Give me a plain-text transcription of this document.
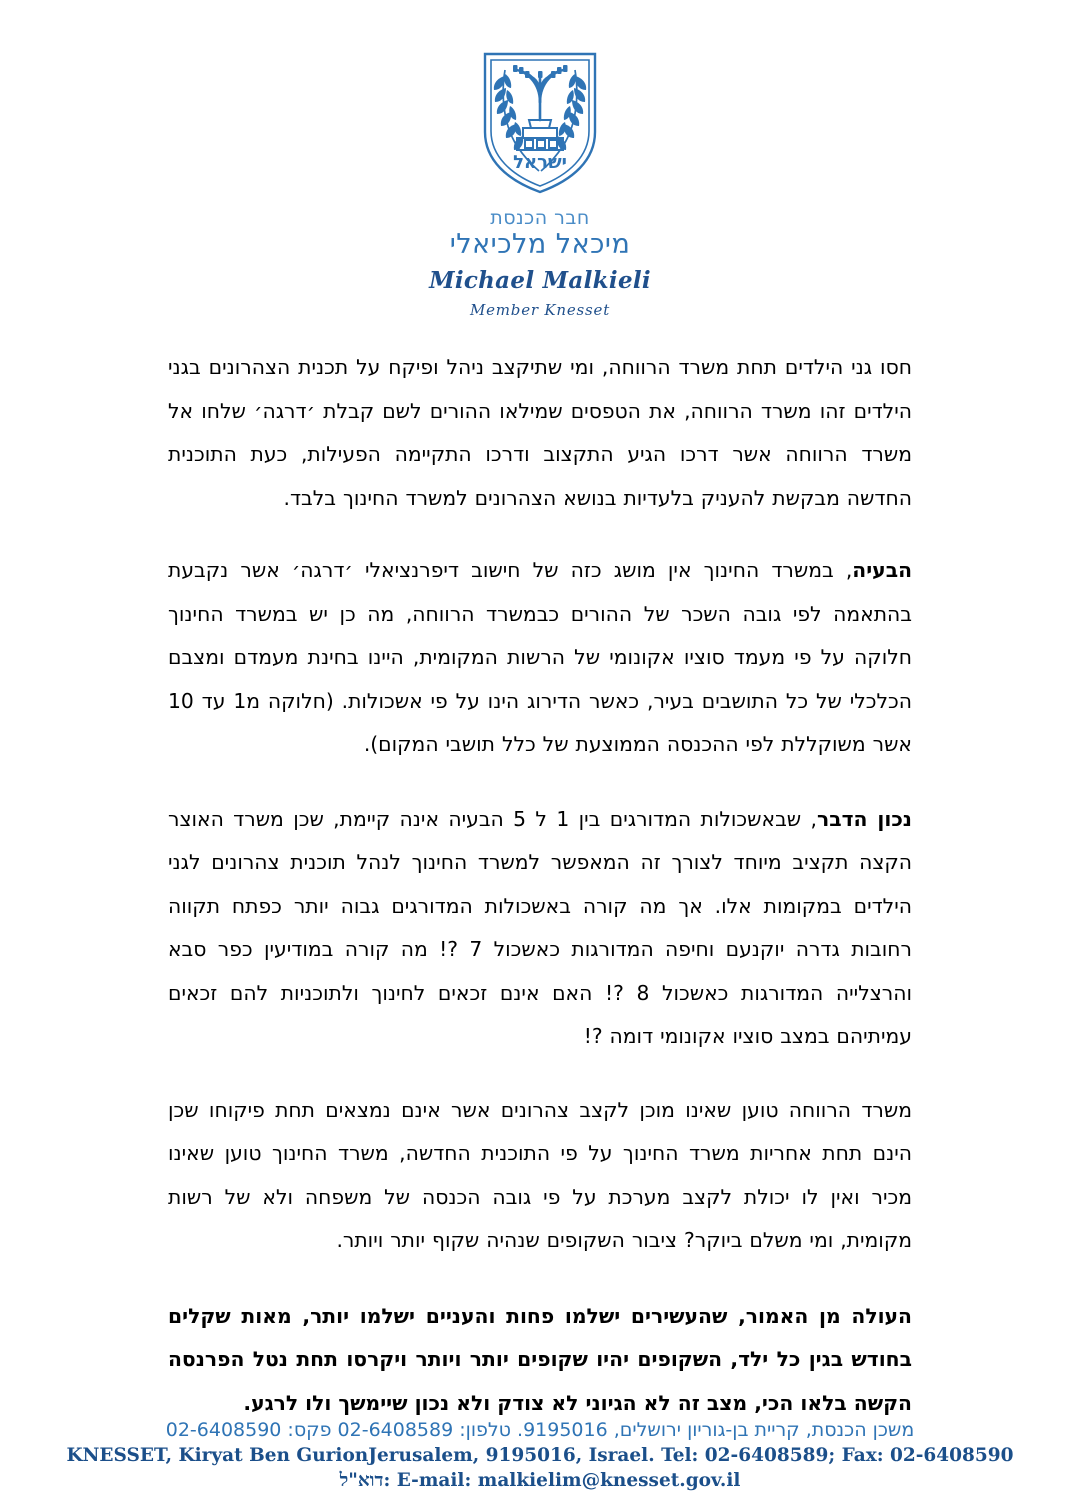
ישראל
חבר הכנסת
מיכאל מלכיאלי
Michael Malkieli
Member Knesset

חסו גני הילדים תחת משרד הרווחה, ומי שתיקצב ניהל ופיקח על תכנית הצהרונים בגני הילדים זהו משרד הרווחה, את הטפסים שמילאו ההורים לשם קבלת ׳דרגה׳ שלחו אל משרד הרווחה אשר דרכו הגיע התקצוב ודרכו התקיימה הפעילות, כעת התוכנית החדשה מבקשת להעניק בלעדיות בנושא הצהרונים למשרד החינוך בלבד.

הבעיה, במשרד החינוך אין מושג כזה של חישוב דיפרנציאלי ׳דרגה׳ אשר נקבעת בהתאמה לפי גובה השכר של ההורים כבמשרד הרווחה, מה כן יש במשרד החינוך חלוקה על פי מעמד סוציו אקונומי של הרשות המקומית, היינו בחינת מעמדם ומצבם הכלכלי של כל התושבים בעיר, כאשר הדירוג הינו על פי אשכולות. (חלוקה מ1 עד 10 אשר משוקללת לפי ההכנסה הממוצעת של כלל תושבי המקום).

נכון הדבר, שבאשכולות המדורגים בין 1 ל 5 הבעיה אינה קיימת, שכן משרד האוצר הקצה תקציב מיוחד לצורך זה המאפשר למשרד החינוך לנהל תוכנית צהרונים לגני הילדים במקומות אלו. אך מה קורה באשכולות המדורגים גבוה יותר כפתח תקווה רחובות גדרה יוקנעם וחיפה המדורגות כאשכול 7 ?! מה קורה במודיעין כפר סבא והרצלייה המדורגות כאשכול 8 ?! האם אינם זכאים לחינוך ולתוכניות להם זכאים עמיתיהם במצב סוציו אקונומי דומה ?!

משרד הרווחה טוען שאינו מוכן לקצב צהרונים אשר אינם נמצאים תחת פיקוחו שכן הינם תחת אחריות משרד החינוך על פי התוכנית החדשה, משרד החינוך טוען שאינו מכיר ואין לו יכולת לקצב מערכת על פי גובה הכנסה של משפחה ולא של רשות מקומית, ומי משלם ביוקר? ציבור השקופים שנהיה שקוף יותר ויותר.

העולה מן האמור, שהעשירים ישלמו פחות והעניים ישלמו יותר, מאות שקלים בחודש בגין כל ילד, השקופים יהיו שקופים יותר ויותר ויקרסו תחת נטל הפרנסה הקשה בלאו הכי, מצב זה לא הגיוני לא צודק ולא נכון שיימשך ולו לרגע.

משכן הכנסת, קריית בן-גוריון ירושלים, 9195016. טלפון: 02-6408589 פקס: 02-6408590
KNESSET, Kiryat Ben GurionJerusalem, 9195016, Israel. Tel: 02-6408589; Fax: 02-6408590
E-mail: malkielim@knesset.gov.il :דוא"ל
